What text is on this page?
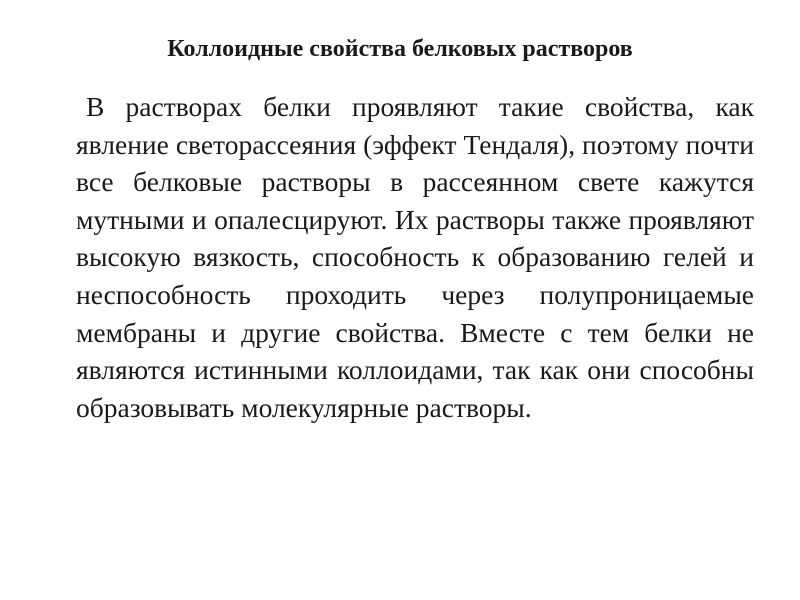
Коллоидные свойства белковых растворов

В растворах белки проявляют такие свойства, как явление светорассеяния (эффект Тендаля), поэтому почти все белковые растворы в рассеянном свете кажутся мутными и опалесцируют. Их растворы также проявляют высокую вязкость, способность к образованию гелей и неспособность проходить через полупроницаемые мембраны и другие свойства. Вместе с тем белки не являются истинными коллоидами, так как они способны образовывать молекулярные растворы.
